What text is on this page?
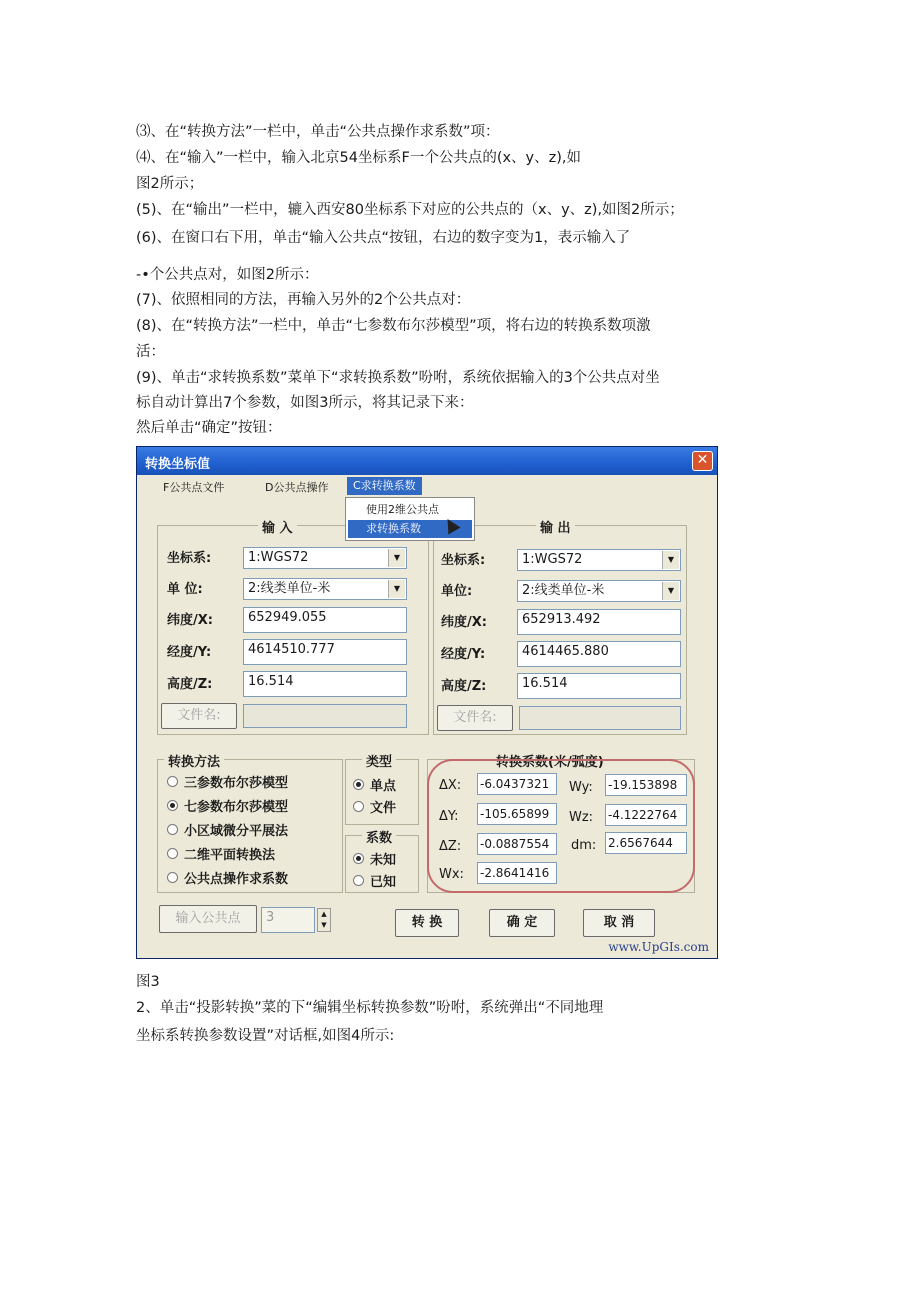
⑶、在“转换方法”一栏中，单击“公共点操作求系数”项：
⑷、在“输入”一栏中，输入北京54坐标系F一个公共点的(x、y、z),如
图2所示；
(5)、在“输出”一栏中，辘入西安80坐标系下对应的公共点的（x、y、z),如图2所示；
(6)、在窗口右下用，单击“输入公共点“按钮，右边的数字变为1，表示输入了
-•个公共点对，如图2所示：
(7)、依照相同的方法，再输入另外的2个公共点对：
(8)、在“转换方法”一栏中，单击“七参数布尔莎模型”项，将右边的转换系数项激
活：
(9)、单击“求转换系数”菜单下“求转换系数”吩咐，系统依据输入的3个公共点对坐
标自动计算出7个参数，如图3所示，将其记录下来：
然后单击“确定”按钮：
转换坐标值	✕
F公共点文件	D公共点操作	C求转换系数
使用2维公共点
求转换系数
输 入
坐标系:	1:WGS72	▼
单 位:	2:线类单位-米	▼
纬度/X:	652949.055
经度/Y:	4614510.777
高度/Z:	16.514
文件名:
输 出
坐标系:	1:WGS72	▼
单位:	2:线类单位-米	▼
纬度/X:	652913.492
经度/Y:	4614465.880
高度/Z:	16.514
文件名:
转换方法
三参数布尔莎模型
七参数布尔莎模型
小区域微分平展法
二维平面转换法
公共点操作求系数
类型
单点
文件
系数
未知
已知
转换系数(米/弧度)
ΔX: -6.0437321
ΔY: -105.65899
ΔZ: -0.0887554
Wx: -2.8641416
Wy: -19.153898
Wz: -4.1222764
dm: 2.6567644
输入公共点	3	▲
▼	转 换	确 定	取 消
www.UpGIs.com
图3
2、单击“投影转换”菜的下“编辑坐标转换参数”吩咐，系统弹出“不同地理
坐标系转换参数设置”对话框,如图4所示:
